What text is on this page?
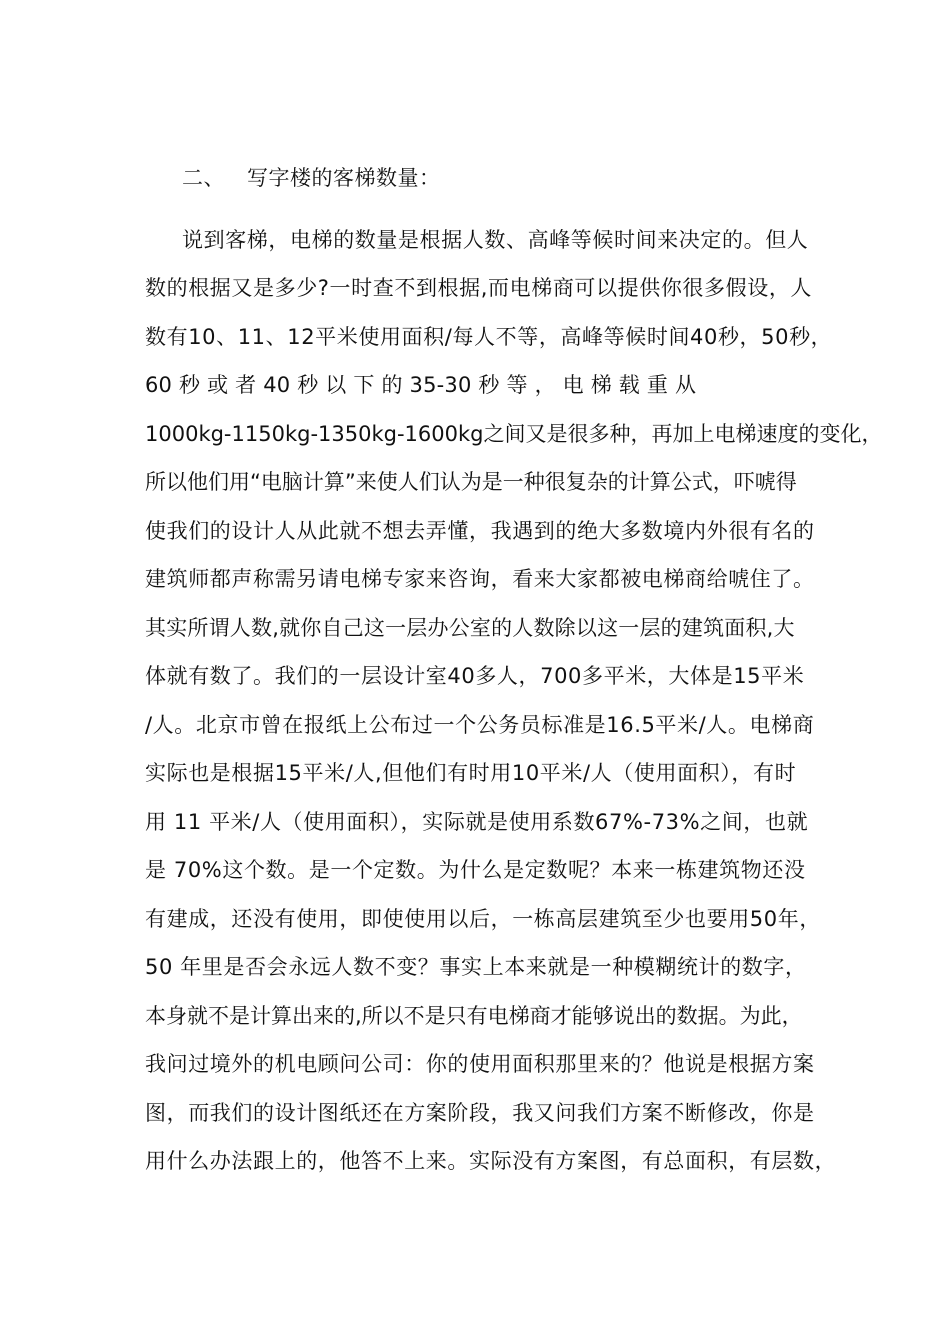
二、 写字楼的客梯数量：
说到客梯，电梯的数量是根据人数、高峰等候时间来决定的。但人
数的根据又是多少?一时查不到根据,而电梯商可以提供你很多假设，人
数有10、11、12平米使用面积/每人不等，高峰等候时间40秒，50秒，
60 秒 或 者 40 秒 以 下 的 35-30 秒 等 ， 电 梯 载 重 从
1000kg-1150kg-1350kg-1600kg之间又是很多种，再加上电梯速度的变化，
所以他们用“电脑计算”来使人们认为是一种很复杂的计算公式，吓唬得
使我们的设计人从此就不想去弄懂，我遇到的绝大多数境内外很有名的
建筑师都声称需另请电梯专家来咨询，看来大家都被电梯商给唬住了。
其实所谓人数,就你自己这一层办公室的人数除以这一层的建筑面积,大
体就有数了。我们的一层设计室40多人，700多平米，大体是15平米
/人。北京市曾在报纸上公布过一个公务员标准是16.5平米/人。电梯商
实际也是根据15平米/人,但他们有时用10平米/人（使用面积），有时
用 11 平米/人（使用面积），实际就是使用系数67%-73%之间，也就
是 70%这个数。是一个定数。为什么是定数呢？本来一栋建筑物还没
有建成，还没有使用，即使使用以后，一栋高层建筑至少也要用50年，
50 年里是否会永远人数不变？事实上本来就是一种模糊统计的数字，
本身就不是计算出来的,所以不是只有电梯商才能够说出的数据。为此，
我问过境外的机电顾问公司：你的使用面积那里来的？他说是根据方案
图，而我们的设计图纸还在方案阶段，我又问我们方案不断修改，你是
用什么办法跟上的，他答不上来。实际没有方案图，有总面积，有层数，
